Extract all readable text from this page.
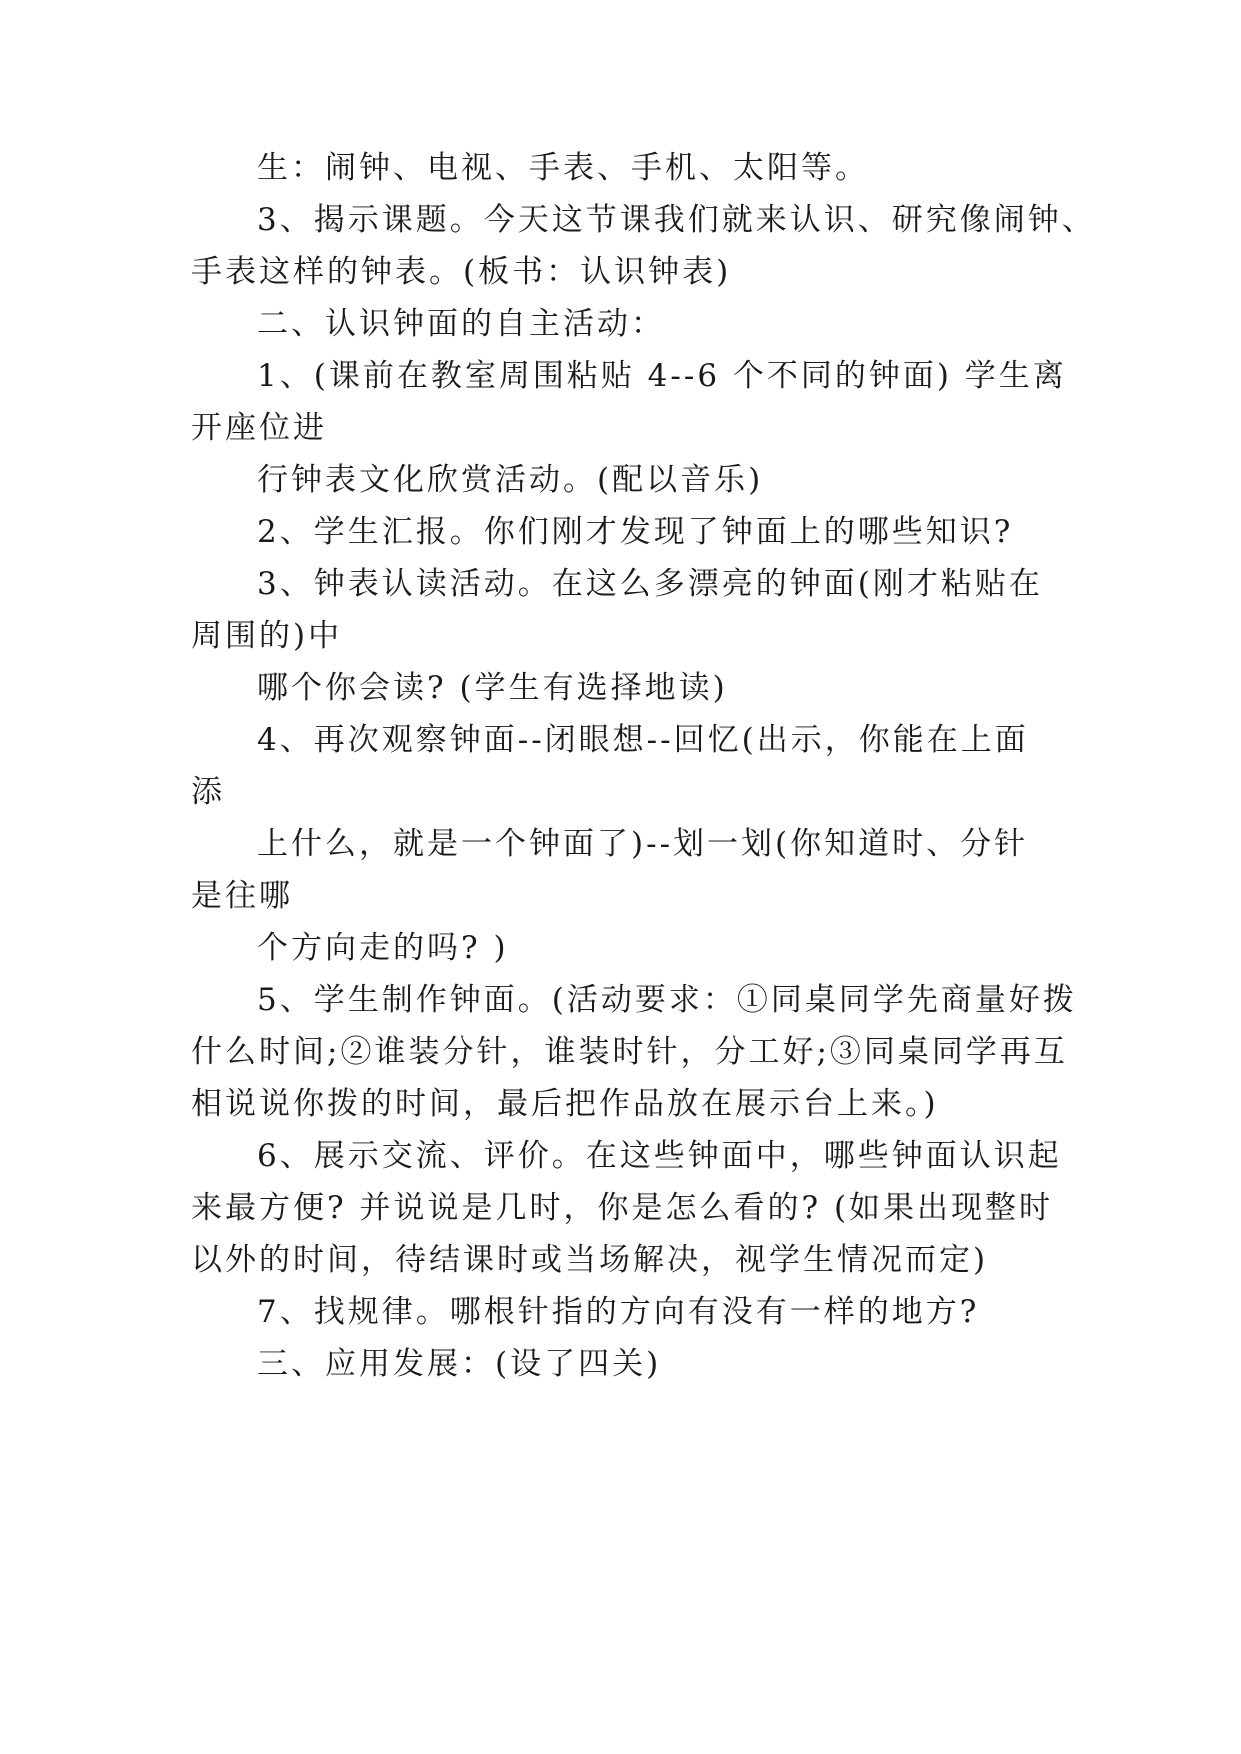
生：闹钟、电视、手表、手机、太阳等。

3、揭示课题。今天这节课我们就来认识、研究像闹钟、

手表这样的钟表。(板书：认识钟表)

二、认识钟面的自主活动：

1、(课前在教室周围粘贴 4--6 个不同的钟面) 学生离

开座位进

行钟表文化欣赏活动。(配以音乐)

2、学生汇报。你们刚才发现了钟面上的哪些知识?

3、钟表认读活动。在这么多漂亮的钟面(刚才粘贴在

周围的)中

哪个你会读? (学生有选择地读)

4、再次观察钟面--闭眼想--回忆(出示，你能在上面

添

上什么，就是一个钟面了)--划一划(你知道时、分针

是往哪

个方向走的吗? )

5、学生制作钟面。(活动要求：①同桌同学先商量好拨

什么时间;②谁装分针，谁装时针，分工好;③同桌同学再互

相说说你拨的时间，最后把作品放在展示台上来。)

6、展示交流、评价。在这些钟面中，哪些钟面认识起

来最方便? 并说说是几时，你是怎么看的? (如果出现整时

以外的时间，待结课时或当场解决，视学生情况而定)

7、找规律。哪根针指的方向有没有一样的地方?

三、应用发展：(设了四关)
